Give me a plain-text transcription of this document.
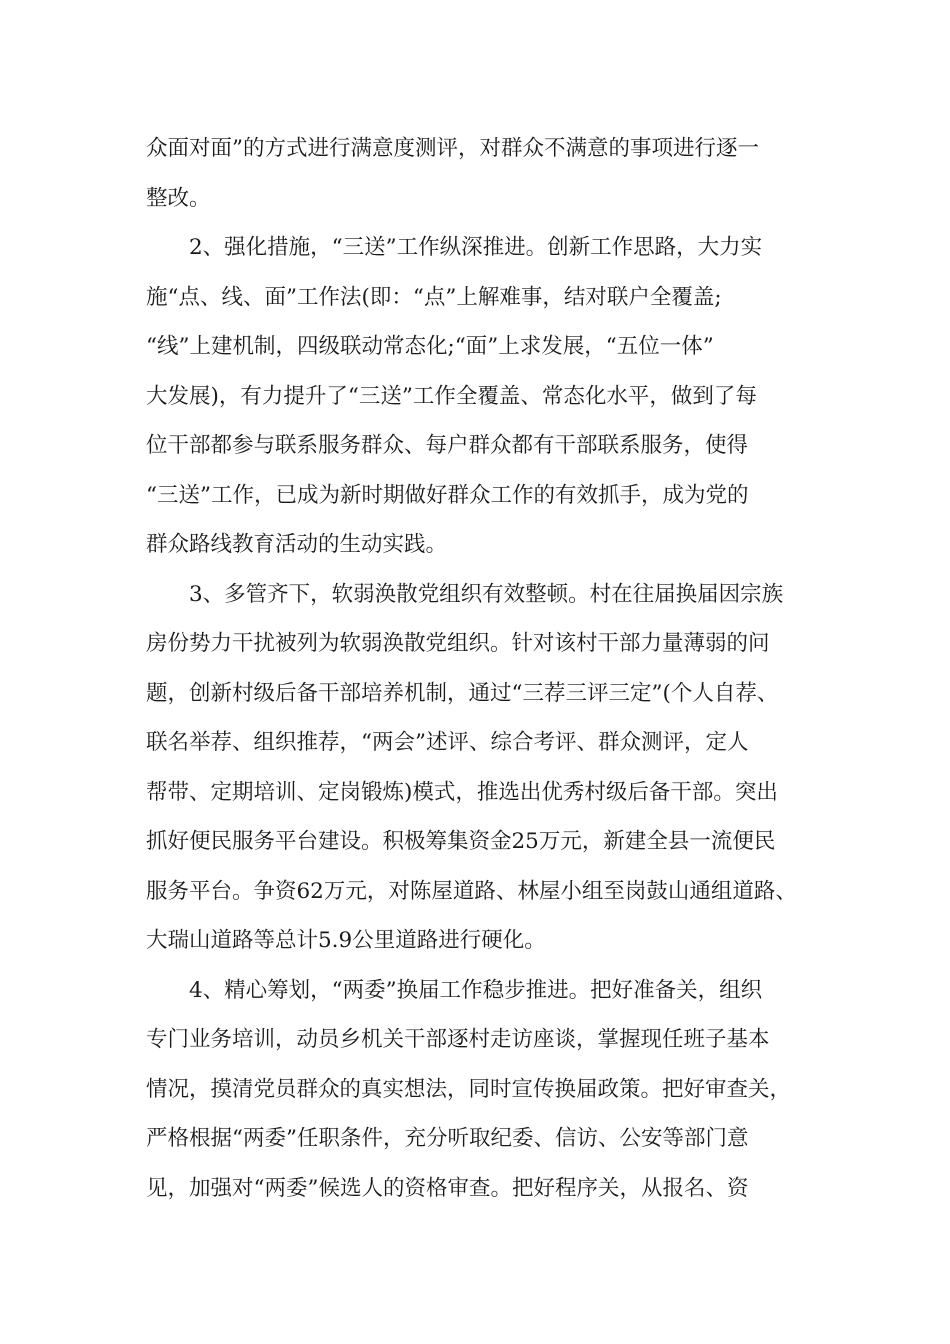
众面对面”的方式进行满意度测评，对群众不满意的事项进行逐一
整改。
2、强化措施，“三送”工作纵深推进。创新工作思路，大力实
施“点、线、面”工作法(即：“点”上解难事，结对联户全覆盖;
“线”上建机制，四级联动常态化;“面”上求发展，“五位一体”
大发展)，有力提升了“三送”工作全覆盖、常态化水平，做到了每
位干部都参与联系服务群众、每户群众都有干部联系服务，使得
“三送”工作，已成为新时期做好群众工作的有效抓手，成为党的
群众路线教育活动的生动实践。
3、多管齐下，软弱涣散党组织有效整顿。村在往届换届因宗族
房份势力干扰被列为软弱涣散党组织。针对该村干部力量薄弱的问
题，创新村级后备干部培养机制，通过“三荐三评三定”(个人自荐、
联名举荐、组织推荐，“两会”述评、综合考评、群众测评，定人
帮带、定期培训、定岗锻炼)模式，推选出优秀村级后备干部。突出
抓好便民服务平台建设。积极筹集资金25万元，新建全县一流便民
服务平台。争资62万元，对陈屋道路、林屋小组至岗鼓山通组道路、
大瑞山道路等总计5.9公里道路进行硬化。
4、精心筹划，“两委”换届工作稳步推进。把好准备关，组织
专门业务培训，动员乡机关干部逐村走访座谈，掌握现任班子基本
情况，摸清党员群众的真实想法，同时宣传换届政策。把好审查关，
严格根据“两委”任职条件，充分听取纪委、信访、公安等部门意
见，加强对“两委”候选人的资格审查。把好程序关，从报名、资
